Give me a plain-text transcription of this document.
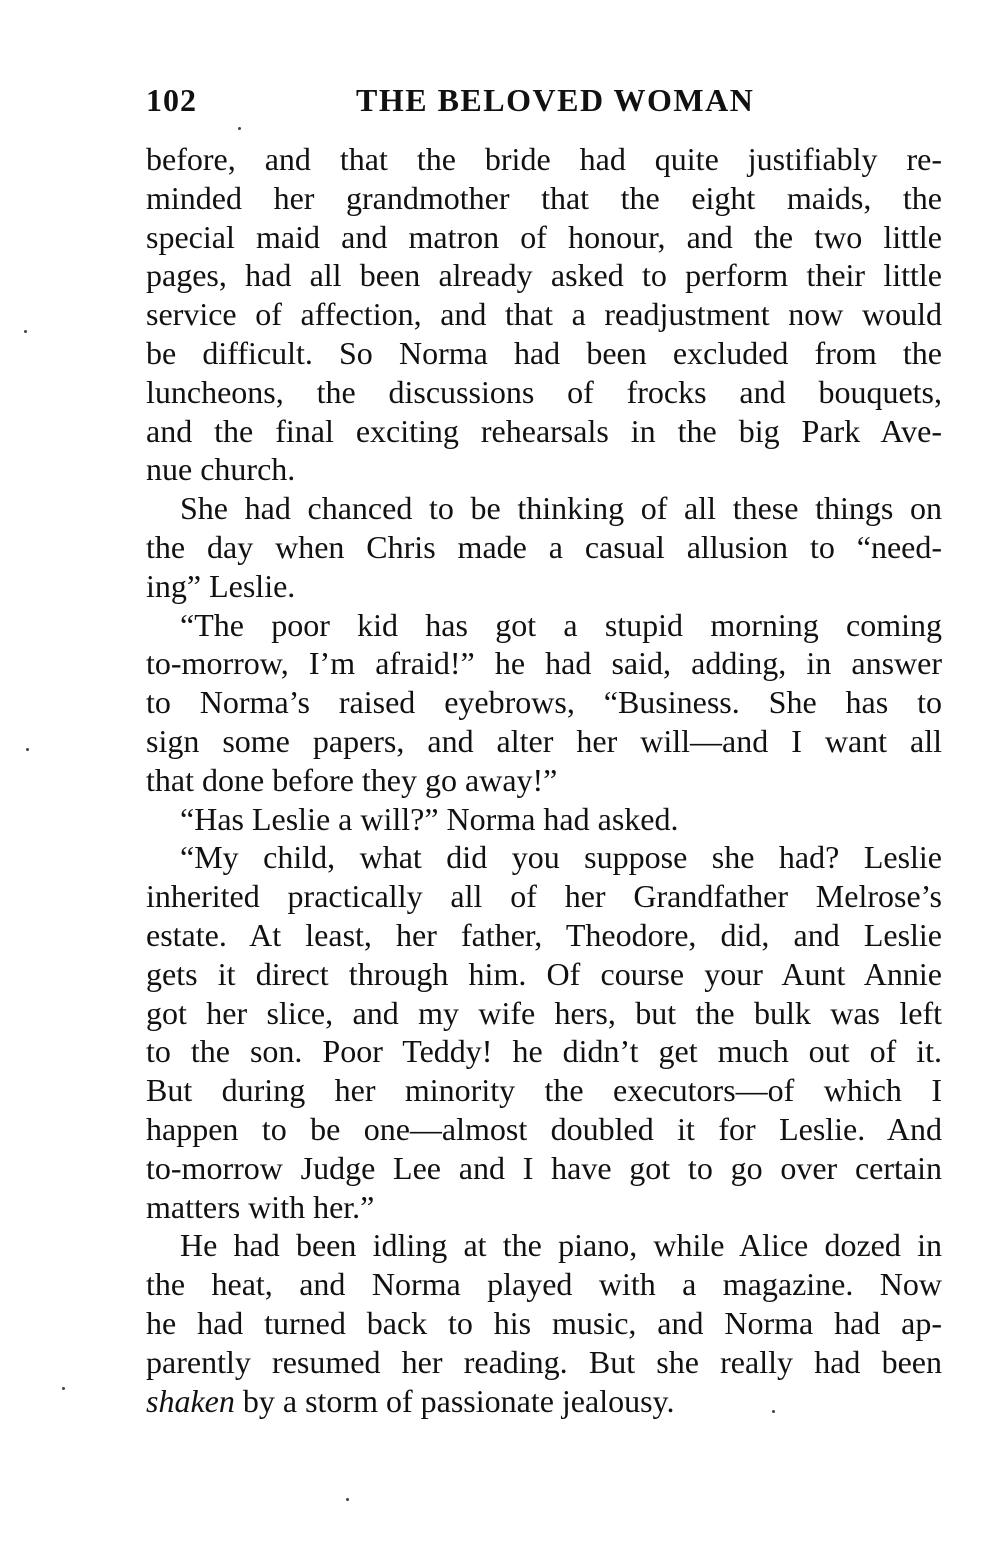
102	THE BELOVED WOMAN
before, and that the bride had quite justifiably re-
minded her grandmother that the eight maids, the
special maid and matron of honour, and the two little
pages, had all been already asked to perform their little
service of affection, and that a readjustment now would
be difficult. So Norma had been excluded from the
luncheons, the discussions of frocks and bouquets,
and the final exciting rehearsals in the big Park Ave-
nue church.
She had chanced to be thinking of all these things on
the day when Chris made a casual allusion to “need-
ing” Leslie.
“The poor kid has got a stupid morning coming
to-morrow, I’m afraid!” he had said, adding, in answer
to Norma’s raised eyebrows, “Business. She has to
sign some papers, and alter her will—and I want all
that done before they go away!”
“Has Leslie a will?” Norma had asked.
“My child, what did you suppose she had? Leslie
inherited practically all of her Grandfather Melrose’s
estate. At least, her father, Theodore, did, and Leslie
gets it direct through him. Of course your Aunt Annie
got her slice, and my wife hers, but the bulk was left
to the son. Poor Teddy! he didn’t get much out of it.
But during her minority the executors—of which I
happen to be one—almost doubled it for Leslie. And
to-morrow Judge Lee and I have got to go over certain
matters with her.”
He had been idling at the piano, while Alice dozed in
the heat, and Norma played with a magazine. Now
he had turned back to his music, and Norma had ap-
parently resumed her reading. But she really had been
shaken by a storm of passionate jealousy.
